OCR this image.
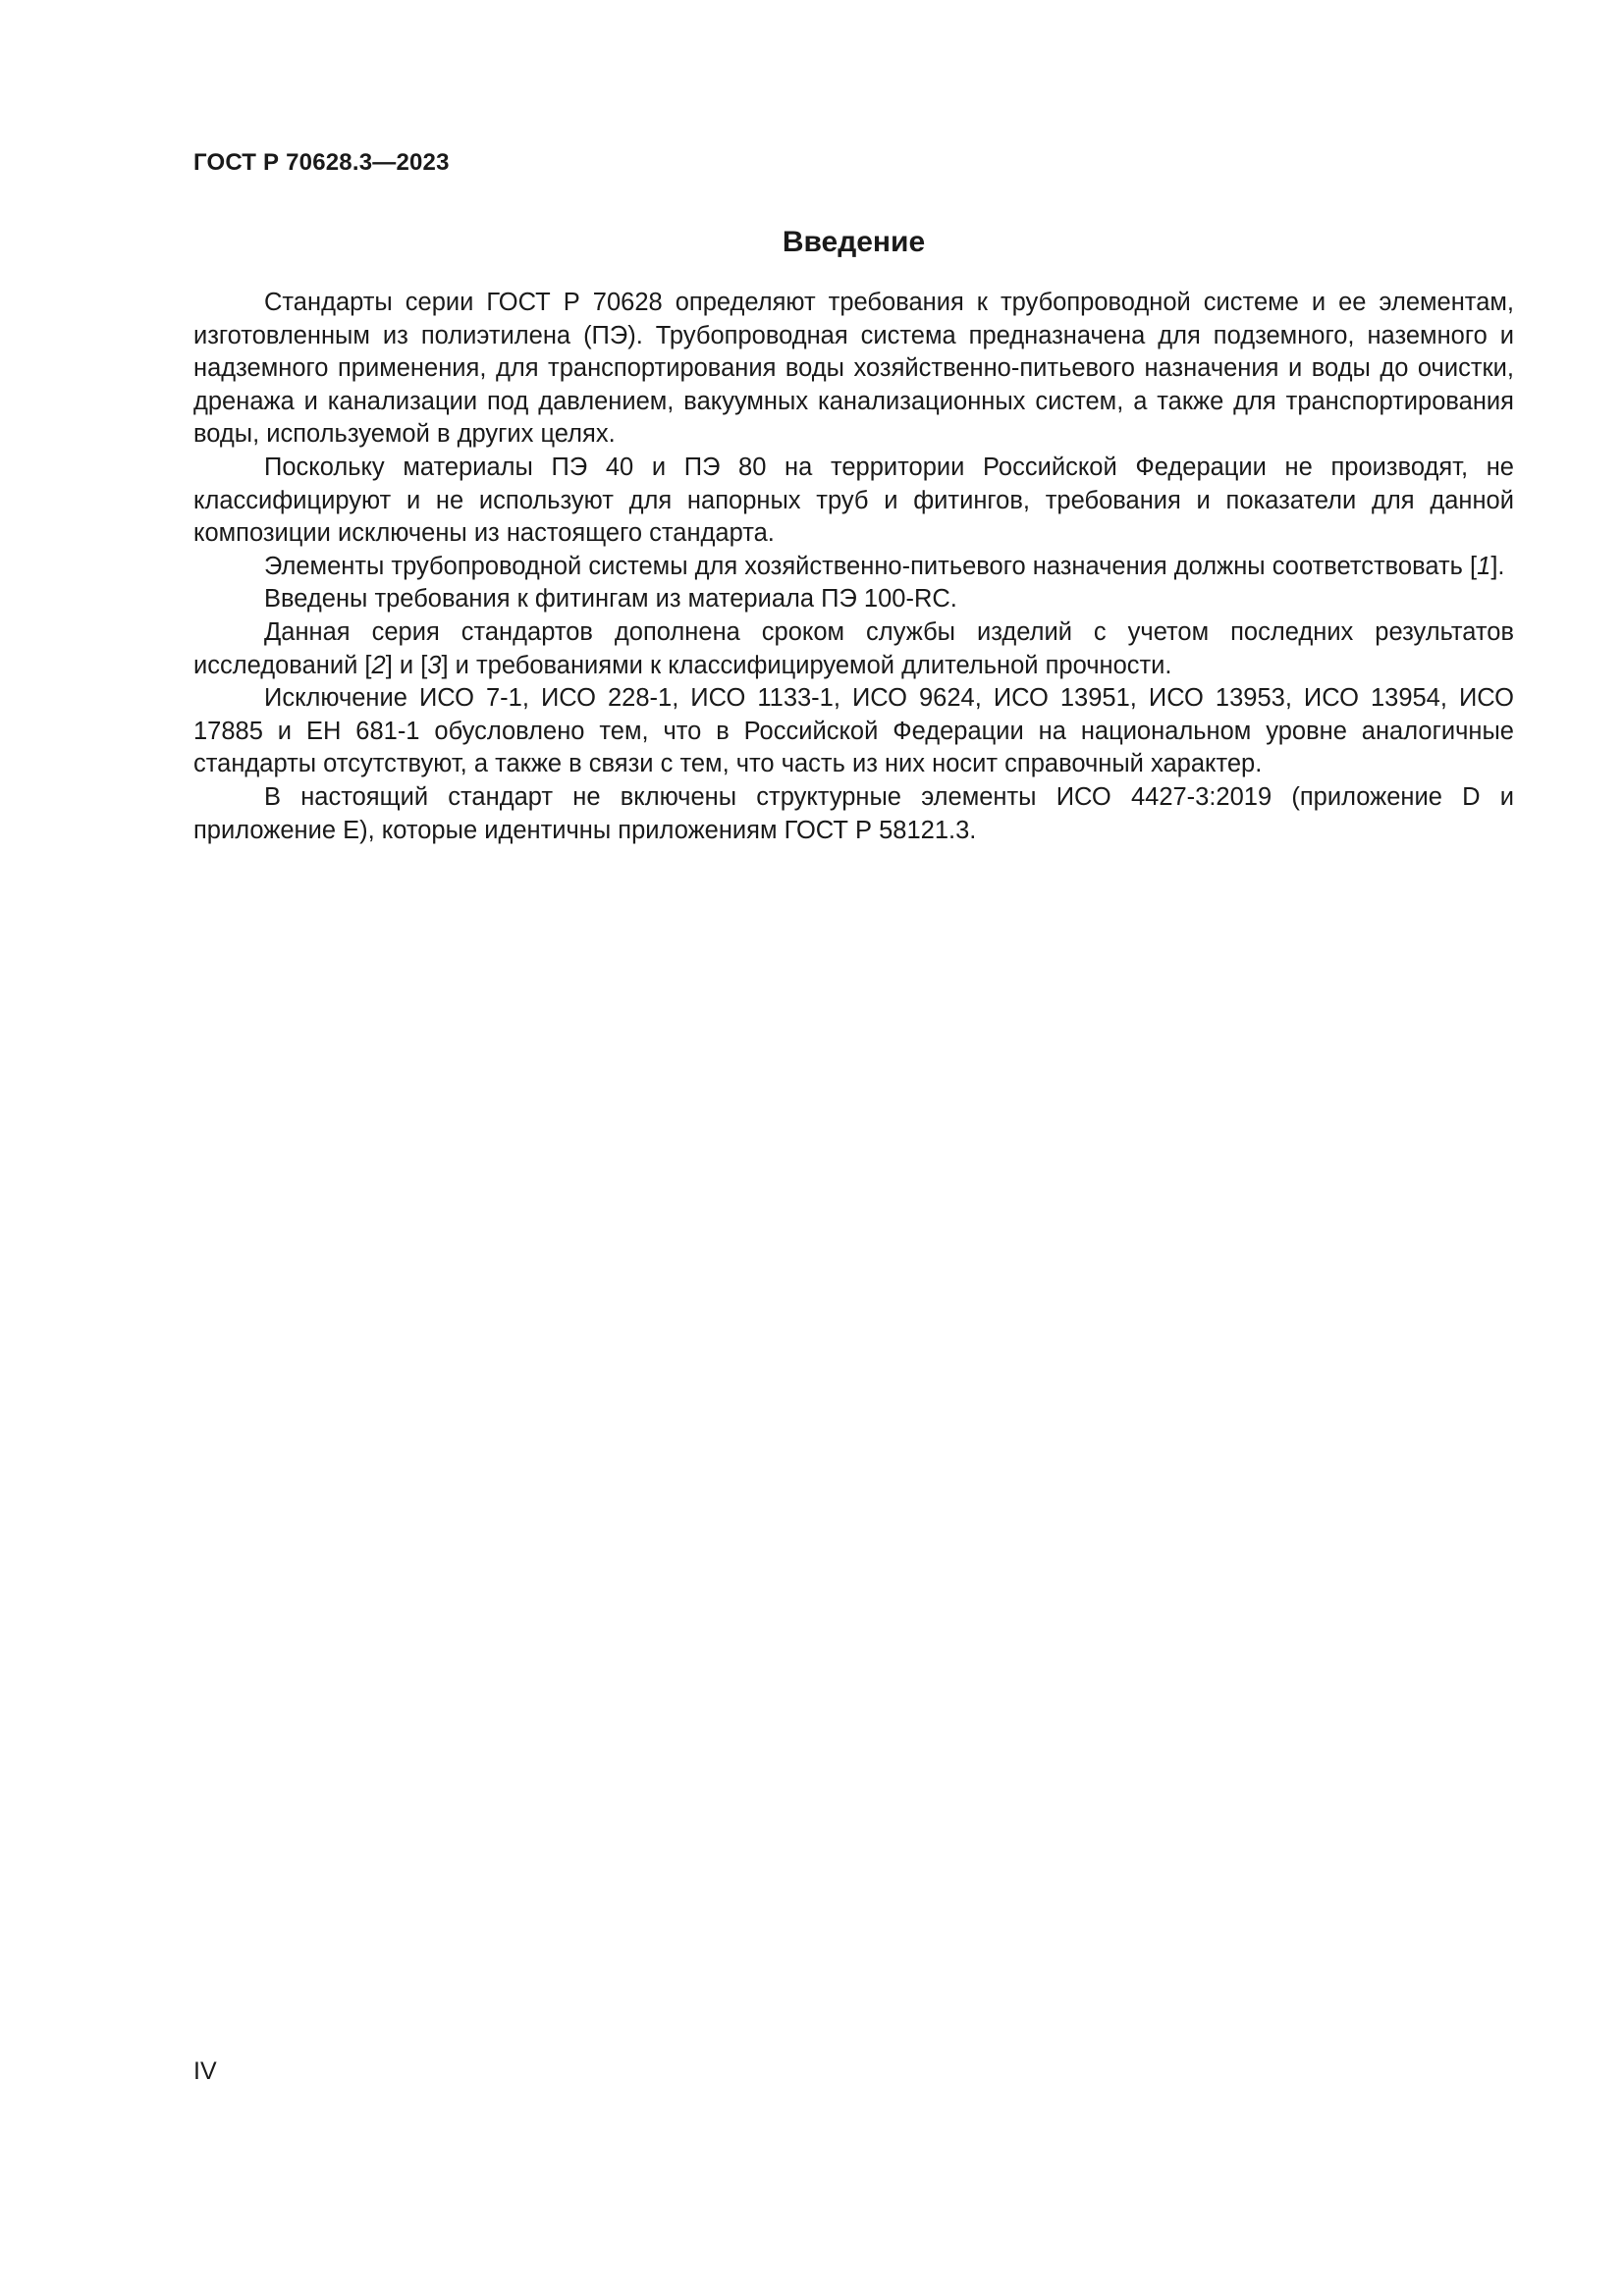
ГОСТ Р 70628.3—2023
Введение

Стандарты серии ГОСТ Р 70628 определяют требования к трубопроводной системе и ее элементам, изготовленным из полиэтилена (ПЭ). Трубопроводная система предназначена для подземного, наземного и надземного применения, для транспортирования воды хозяйственно-питьевого назначения и воды до очистки, дренажа и канализации под давлением, вакуумных канализационных систем, а также для транспортирования воды, используемой в других целях.

Поскольку материалы ПЭ 40 и ПЭ 80 на территории Российской Федерации не производят, не классифицируют и не используют для напорных труб и фитингов, требования и показатели для данной композиции исключены из настоящего стандарта.

Элементы трубопроводной системы для хозяйственно-питьевого назначения должны соответствовать [1].

Введены требования к фитингам из материала ПЭ 100-RC.

Данная серия стандартов дополнена сроком службы изделий с учетом последних результатов исследований [2] и [3] и требованиями к классифицируемой длительной прочности.

Исключение ИСО 7-1, ИСО 228-1, ИСО 1133-1, ИСО 9624, ИСО 13951, ИСО 13953, ИСО 13954, ИСО 17885 и ЕН 681-1 обусловлено тем, что в Российской Федерации на национальном уровне аналогичные стандарты отсутствуют, а также в связи с тем, что часть из них носит справочный характер.

В настоящий стандарт не включены структурные элементы ИСО 4427-3:2019 (приложение D и приложение E), которые идентичны приложениям ГОСТ Р 58121.3.

IV
